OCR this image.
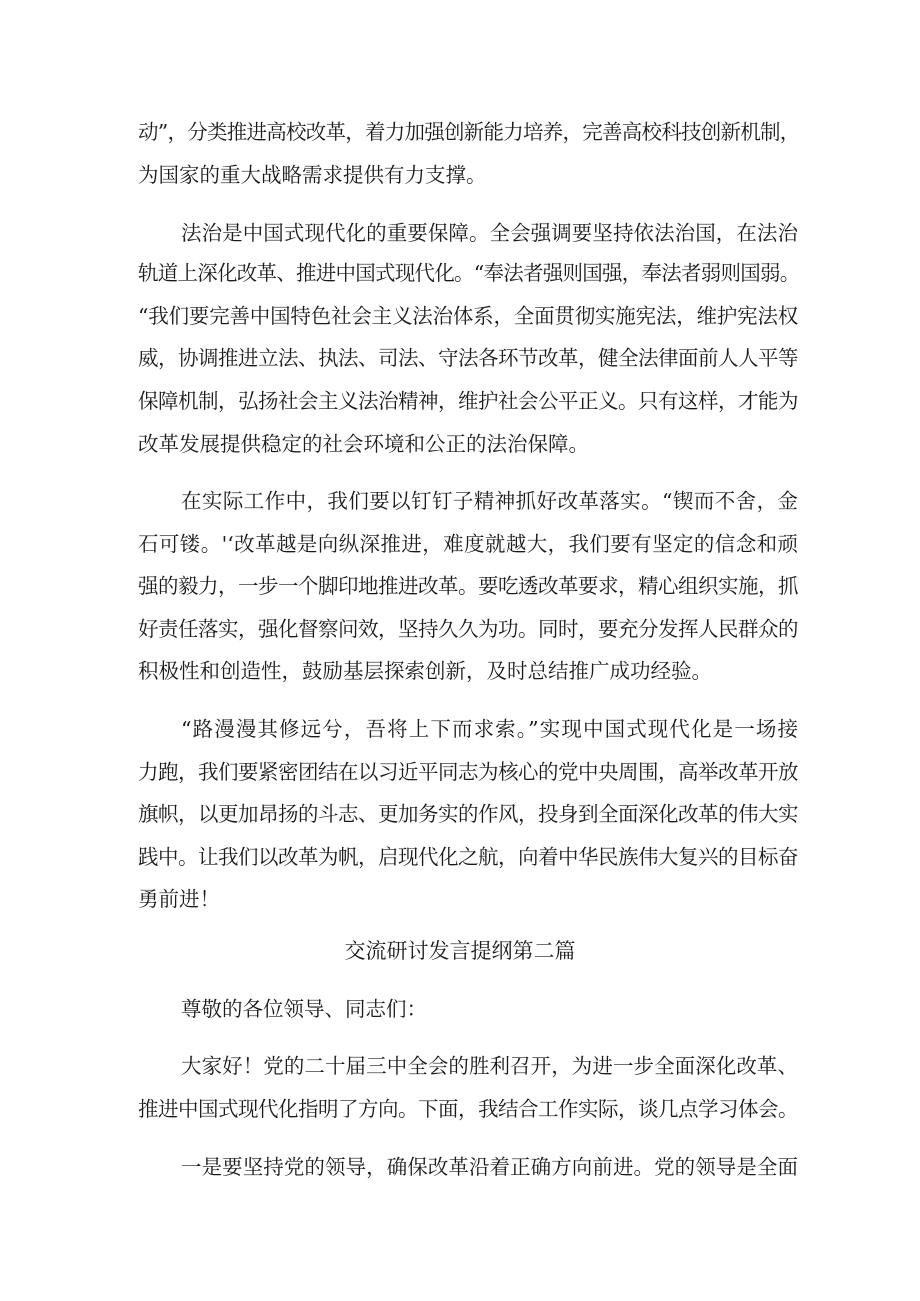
动”，分类推进高校改革，着力加强创新能力培养，完善高校科技创新机制，
为国家的重大战略需求提供有力支撑。
法治是中国式现代化的重要保障。全会强调要坚持依法治国，在法治
轨道上深化改革、推进中国式现代化。“奉法者强则国强，奉法者弱则国弱。
“我们要完善中国特色社会主义法治体系，全面贯彻实施宪法，维护宪法权
威，协调推进立法、执法、司法、守法各环节改革，健全法律面前人人平等
保障机制，弘扬社会主义法治精神，维护社会公平正义。只有这样，才能为
改革发展提供稳定的社会环境和公正的法治保障。
在实际工作中，我们要以钉钉子精神抓好改革落实。“锲而不舍，金
石可镂。'‘改革越是向纵深推进，难度就越大，我们要有坚定的信念和顽
强的毅力，一步一个脚印地推进改革。要吃透改革要求，精心组织实施，抓
好责任落实，强化督察问效，坚持久久为功。同时，要充分发挥人民群众的
积极性和创造性，鼓励基层探索创新，及时总结推广成功经验。
“路漫漫其修远兮，吾将上下而求索。”实现中国式现代化是一场接
力跑，我们要紧密团结在以习近平同志为核心的党中央周围，高举改革开放
旗帜，以更加昂扬的斗志、更加务实的作风，投身到全面深化改革的伟大实
践中。让我们以改革为帆，启现代化之航，向着中华民族伟大复兴的目标奋
勇前进！
交流研讨发言提纲第二篇
尊敬的各位领导、同志们：
大家好！党的二十届三中全会的胜利召开，为进一步全面深化改革、
推进中国式现代化指明了方向。下面，我结合工作实际，谈几点学习体会。
一是要坚持党的领导，确保改革沿着正确方向前进。党的领导是全面
